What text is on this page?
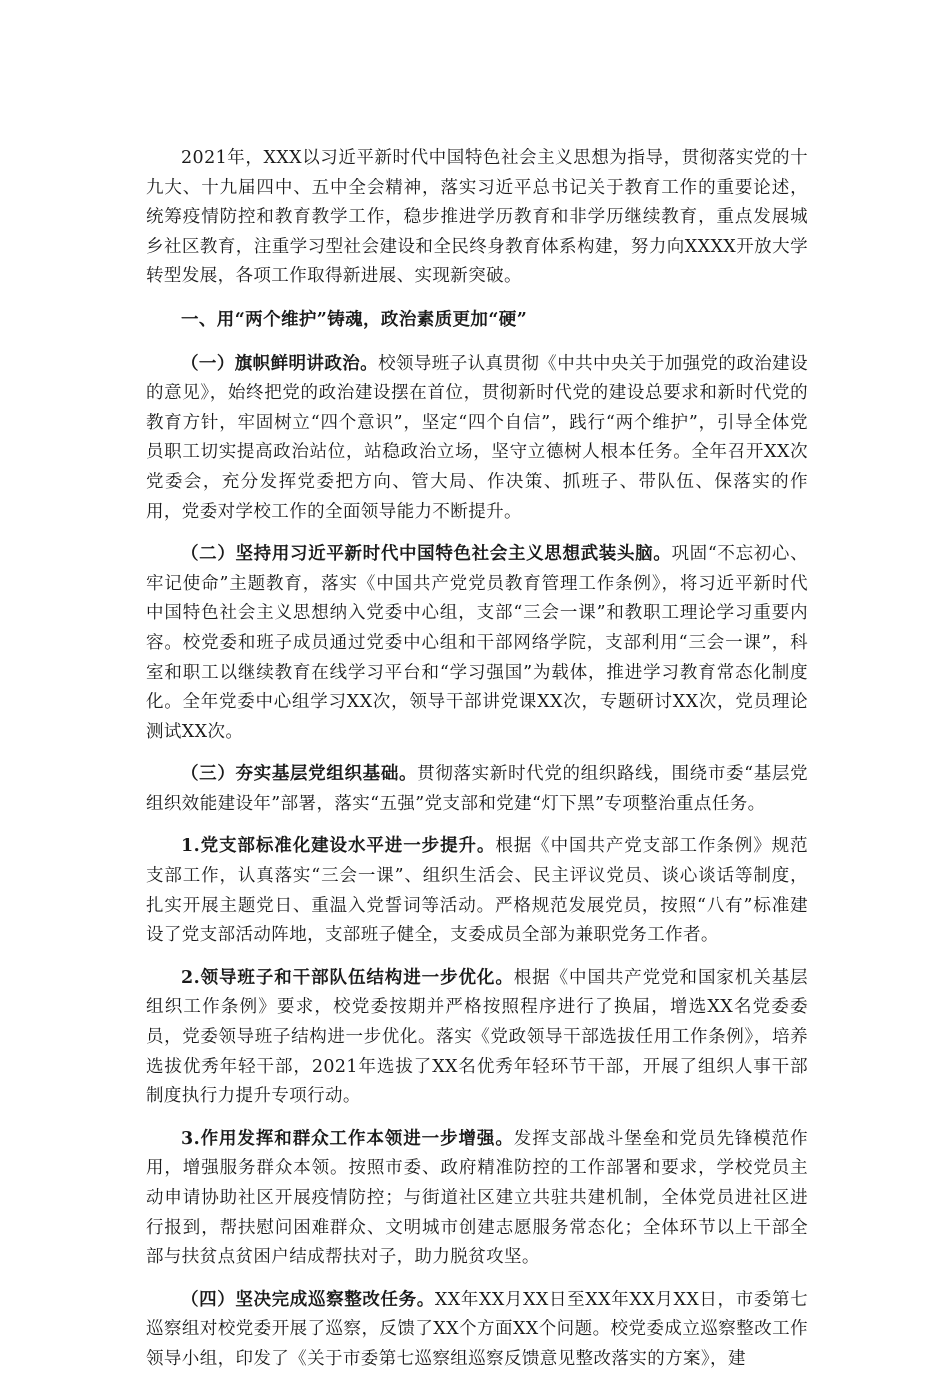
2021年，XXX以习近平新时代中国特色社会主义思想为指导，贯彻落实党的十九大、十九届四中、五中全会精神，落实习近平总书记关于教育工作的重要论述，统筹疫情防控和教育教学工作，稳步推进学历教育和非学历继续教育，重点发展城乡社区教育，注重学习型社会建设和全民终身教育体系构建，努力向XXXX开放大学转型发展，各项工作取得新进展、实现新突破。

一、用“两个维护”铸魂，政治素质更加“硬”

（一）旗帜鲜明讲政治。校领导班子认真贯彻《中共中央关于加强党的政治建设的意见》，始终把党的政治建设摆在首位，贯彻新时代党的建设总要求和新时代党的教育方针，牢固树立“四个意识”，坚定“四个自信”，践行“两个维护”，引导全体党员职工切实提高政治站位，站稳政治立场，坚守立德树人根本任务。全年召开XX次党委会，充分发挥党委把方向、管大局、作决策、抓班子、带队伍、保落实的作用，党委对学校工作的全面领导能力不断提升。

（二）坚持用习近平新时代中国特色社会主义思想武装头脑。巩固“不忘初心、牢记使命”主题教育，落实《中国共产党党员教育管理工作条例》，将习近平新时代中国特色社会主义思想纳入党委中心组，支部“三会一课”和教职工理论学习重要内容。校党委和班子成员通过党委中心组和干部网络学院，支部利用“三会一课”，科室和职工以继续教育在线学习平台和“学习强国”为载体，推进学习教育常态化制度化。全年党委中心组学习XX次，领导干部讲党课XX次，专题研讨XX次，党员理论测试XX次。

（三）夯实基层党组织基础。贯彻落实新时代党的组织路线，围绕市委“基层党组织效能建设年”部署，落实“五强”党支部和党建“灯下黑”专项整治重点任务。

1.党支部标准化建设水平进一步提升。根据《中国共产党支部工作条例》规范支部工作，认真落实“三会一课”、组织生活会、民主评议党员、谈心谈话等制度，扎实开展主题党日、重温入党誓词等活动。严格规范发展党员，按照“八有”标准建设了党支部活动阵地，支部班子健全，支委成员全部为兼职党务工作者。

2.领导班子和干部队伍结构进一步优化。根据《中国共产党党和国家机关基层组织工作条例》要求，校党委按期并严格按照程序进行了换届，增选XX名党委委员，党委领导班子结构进一步优化。落实《党政领导干部选拔任用工作条例》，培养选拔优秀年轻干部，2021年选拔了XX名优秀年轻环节干部，开展了组织人事干部制度执行力提升专项行动。

3.作用发挥和群众工作本领进一步增强。发挥支部战斗堡垒和党员先锋模范作用，增强服务群众本领。按照市委、政府精准防控的工作部署和要求，学校党员主动申请协助社区开展疫情防控；与街道社区建立共驻共建机制，全体党员进社区进行报到，帮扶慰问困难群众、文明城市创建志愿服务常态化；全体环节以上干部全部与扶贫点贫困户结成帮扶对子，助力脱贫攻坚。

（四）坚决完成巡察整改任务。XX年XX月XX日至XX年XX月XX日，市委第七巡察组对校党委开展了巡察，反馈了XX个方面XX个问题。校党委成立巡察整改工作领导小组，印发了《关于市委第七巡察组巡察反馈意见整改落实的方案》，建
